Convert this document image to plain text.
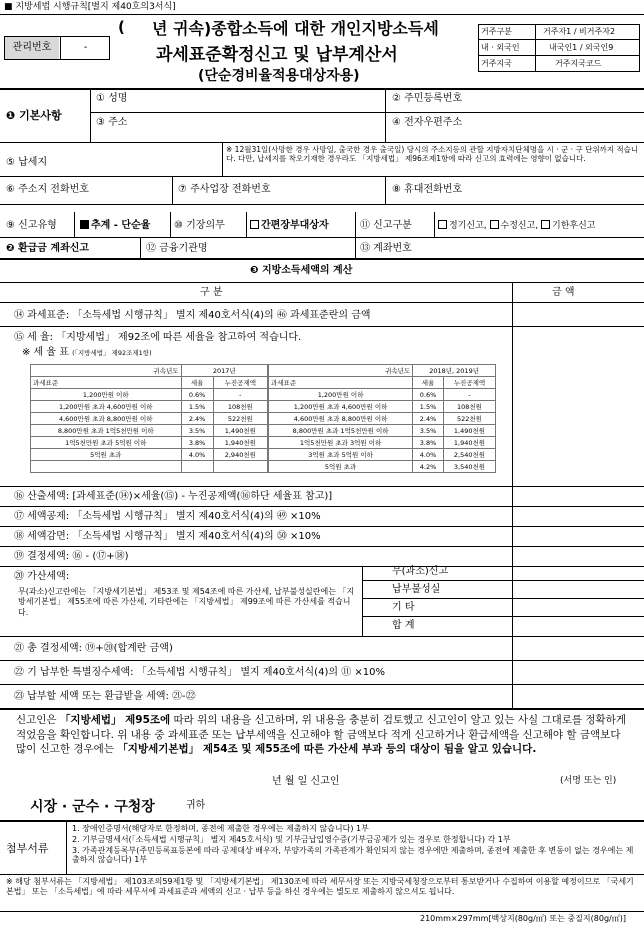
■ 지방세법 시행규칙[별지 제40호의3서식]
관리번호	-
( 년 귀속)종합소득에 대한 개인지방소득세
과세표준확정신고 및 납부계산서
(단순경비율적용대상자용)
거주구분	거주자1 / 비거주자2
내 · 외국인	내국인1 / 외국인9
거주지국	거주지국코드
❶ 기본사항
① 성명	② 주민등록번호
③ 주소	④ 전자우편주소
⑤ 납세지
※ 12월31일(사망한 경우 사망일, 출국한 경우 출국일) 당시의 주소지등의 관할 지방자치단체명을 시 · 군 · 구 단위까지 적습니다. 다만, 납세지를 착오기재한 경우라도 「지방세법」 제96조제1항에 따라 신고의 효력에는 영향이 없습니다.
⑥ 주소지 전화번호	⑦ 주사업장 전화번호	⑧ 휴대전화번호
⑨ 신고유형	추계 - 단순율 ⑩ 기장의무	간편장부대상자	⑪ 신고구분	정기신고, 수정신고, 기한후신고
❷ 환급금 계좌신고	⑫ 금융기관명	⑬ 계좌번호
❸ 지방소득세액의 계산
구 분	금 액
⑭ 과세표준: 「소득세법 시행규칙」 별지 제40호서식(4)의 ㊻ 과세표준란의 금액
⑮ 세 율: 「지방세법」 제92조에 따른 세율을 참고하여 적습니다.
※ 세 율 표 (「지방세법」 제92조제1항)
귀속년도	2017년	
과세표준	세율	누진공제액
1,200만원 이하	0.6%	-
1,200만원 초과 4,600만원 이하	1.5%	108천원
4,600만원 초과 8,800만원 이하	2.4%	522천원
8,800만원 초과 1억5천만원 이하	3.5%	1,490천원
1억5천만원 초과 5억원 이하	3.8%	1,940천원
5억원 초과	4.0%	2,940천원

귀속년도	2018년, 2019년	
과세표준	세율	누진공제액
1,200만원 이하	0.6%	-
1,200만원 초과 4,600만원 이하	1.5%	108천원
4,600만원 초과 8,800만원 이하	2.4%	522천원
8,800만원 초과 1억5천만원 이하	3.5%	1,490천원
1억5천만원 초과 3억원 이하	3.8%	1,940천원
3억원 초과 5억원 이하	4.0%	2,540천원
5억원 초과	4.2%	3,540천원
⑯ 산출세액: [과세표준(⑭)×세율(⑮) - 누진공제액(⑯하단 세율표 참고)]
⑰ 세액공제: 「소득세법 시행규칙」 별지 제40호서식(4)의 ㊾ ×10%
⑱ 세액감면: 「소득세법 시행규칙」 별지 제40호서식(4)의 ㊿ ×10%
⑲ 결정세액: ⑯ - (⑰+⑱)
⑳ 가산세액:
무(과소)신고란에는 「지방세기본법」 제53조 및 제54조에 따른 가산세, 납부불성실란에는 「지방세기본법」 제55조에 따른 가산세, 기타란에는 「지방세법」 제99조에 따른 가산세를 적습니다.
무(과소)신고
납부불성실
기 타
합 계
㉑ 총 결정세액: ⑲+⑳(합계란 금액)
㉒ 기 납부한 특별징수세액: 「소득세법 시행규칙」 별지 제40호서식(4)의 ⑪ ×10%
㉓ 납부할 세액 또는 환급받을 세액: ㉑-㉒
신고인은 「지방세법」 제95조에 따라 위의 내용을 신고하며, 위 내용을 충분히 검토했고 신고인이 알고 있는 사실 그대로를 정확하게 적었음을 확인합니다. 위 내용 중 과세표준 또는 납부세액을 신고해야 할 금액보다 적게 신고하거나 환급세액을 신고해야 할 금액보다 많이 신고한 경우에는 「지방세기본법」 제54조 및 제55조에 따른 가산세 부과 등의 대상이 됨을 알고 있습니다.
년 월 일 신고인	(서명 또는 인)
시장 · 군수 · 구청장	귀하
첨부서류
1. 장애인증명서(해당자로 한정하며, 종전에 제출한 경우에는 제출하지 않습니다) 1부
2. 기부금명세서(「소득세법 시행규칙」 별지 제45호서식) 및 기부금납입영수증(기부금공제가 있는 경우로 한정합니다) 각 1부
3. 가족관계등록부(주민등록표등본에 따라 공제대상 배우자, 부양가족의 가족관계가 확인되지 않는 경우에만 제출하며, 종전에 제출한 후 변동이 없는 경우에는 제출하지 않습니다) 1부
※ 해당 첨부서류는 「지방세법」 제103조의59제1항 및 「지방세기본법」 제130조에 따라 세무서장 또는 지방국세청장으로부터 통보받거나 수집하여 이용할 예정이므로 「국세기본법」 또는 「소득세법」에 따라 세무서에 과세표준과 세액의 신고 · 납부 등을 하신 경우에는 별도로 제출하지 않으셔도 됩니다.
210mm×297mm[백상지(80g/㎡) 또는 중질지(80g/㎡)]
